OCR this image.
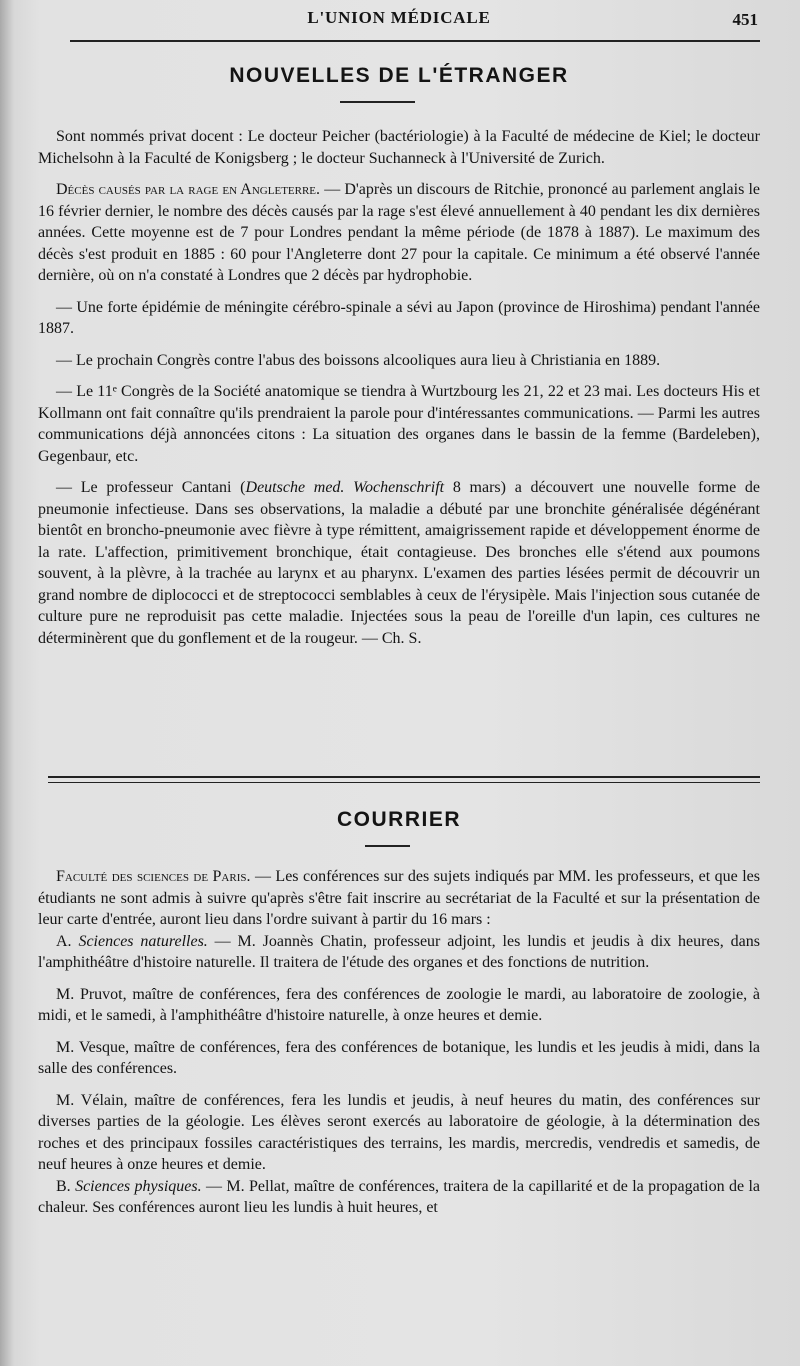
L'UNION MÉDICALE	451
NOUVELLES DE L'ÉTRANGER

Sont nommés privat docent : Le docteur Peicher (bactériologie) à la Faculté de médecine de Kiel; le docteur Michelsohn à la Faculté de Konigsberg ; le docteur Suchanneck à l'Université de Zurich.

Décès causés par la rage en Angleterre. — D'après un discours de Ritchie, prononcé au parlement anglais le 16 février dernier, le nombre des décès causés par la rage s'est élevé annuellement à 40 pendant les dix dernières années. Cette moyenne est de 7 pour Londres pendant la même période (de 1878 à 1887). Le maximum des décès s'est produit en 1885 : 60 pour l'Angleterre dont 27 pour la capitale. Ce minimum a été observé l'année dernière, où on n'a constaté à Londres que 2 décès par hydrophobie.

— Une forte épidémie de méningite cérébro-spinale a sévi au Japon (province de Hiroshima) pendant l'année 1887.

— Le prochain Congrès contre l'abus des boissons alcooliques aura lieu à Christiania en 1889.

— Le 11ᵉ Congrès de la Société anatomique se tiendra à Wurtzbourg les 21, 22 et 23 mai. Les docteurs His et Kollmann ont fait connaître qu'ils prendraient la parole pour d'intéressantes communications. — Parmi les autres communications déjà annoncées citons : La situation des organes dans le bassin de la femme (Bardeleben), Gegenbaur, etc.

— Le professeur Cantani (Deutsche med. Wochenschrift 8 mars) a découvert une nouvelle forme de pneumonie infectieuse. Dans ses observations, la maladie a débuté par une bronchite généralisée dégénérant bientôt en broncho-pneumonie avec fièvre à type rémittent, amaigrissement rapide et développement énorme de la rate. L'affection, primitivement bronchique, était contagieuse. Des bronches elle s'étend aux poumons souvent, à la plèvre, à la trachée au larynx et au pharynx. L'examen des parties lésées permit de découvrir un grand nombre de diplococci et de streptococci semblables à ceux de l'érysipèle. Mais l'injection sous cutanée de culture pure ne reproduisit pas cette maladie. Injectées sous la peau de l'oreille d'un lapin, ces cultures ne déterminèrent que du gonflement et de la rougeur. — Ch. S.

COURRIER

Faculté des sciences de Paris. — Les conférences sur des sujets indiqués par MM. les professeurs, et que les étudiants ne sont admis à suivre qu'après s'être fait inscrire au secrétariat de la Faculté et sur la présentation de leur carte d'entrée, auront lieu dans l'ordre suivant à partir du 16 mars :

A. Sciences naturelles. — M. Joannès Chatin, professeur adjoint, les lundis et jeudis à dix heures, dans l'amphithéâtre d'histoire naturelle. Il traitera de l'étude des organes et des fonctions de nutrition.

M. Pruvot, maître de conférences, fera des conférences de zoologie le mardi, au laboratoire de zoologie, à midi, et le samedi, à l'amphithéâtre d'histoire naturelle, à onze heures et demie.

M. Vesque, maître de conférences, fera des conférences de botanique, les lundis et les jeudis à midi, dans la salle des conférences.

M. Vélain, maître de conférences, fera les lundis et jeudis, à neuf heures du matin, des conférences sur diverses parties de la géologie. Les élèves seront exercés au laboratoire de géologie, à la détermination des roches et des principaux fossiles caractéristiques des terrains, les mardis, mercredis, vendredis et samedis, de neuf heures à onze heures et demie.

B. Sciences physiques. — M. Pellat, maître de conférences, traitera de la capillarité et de la propagation de la chaleur. Ses conférences auront lieu les lundis à huit heures, et
